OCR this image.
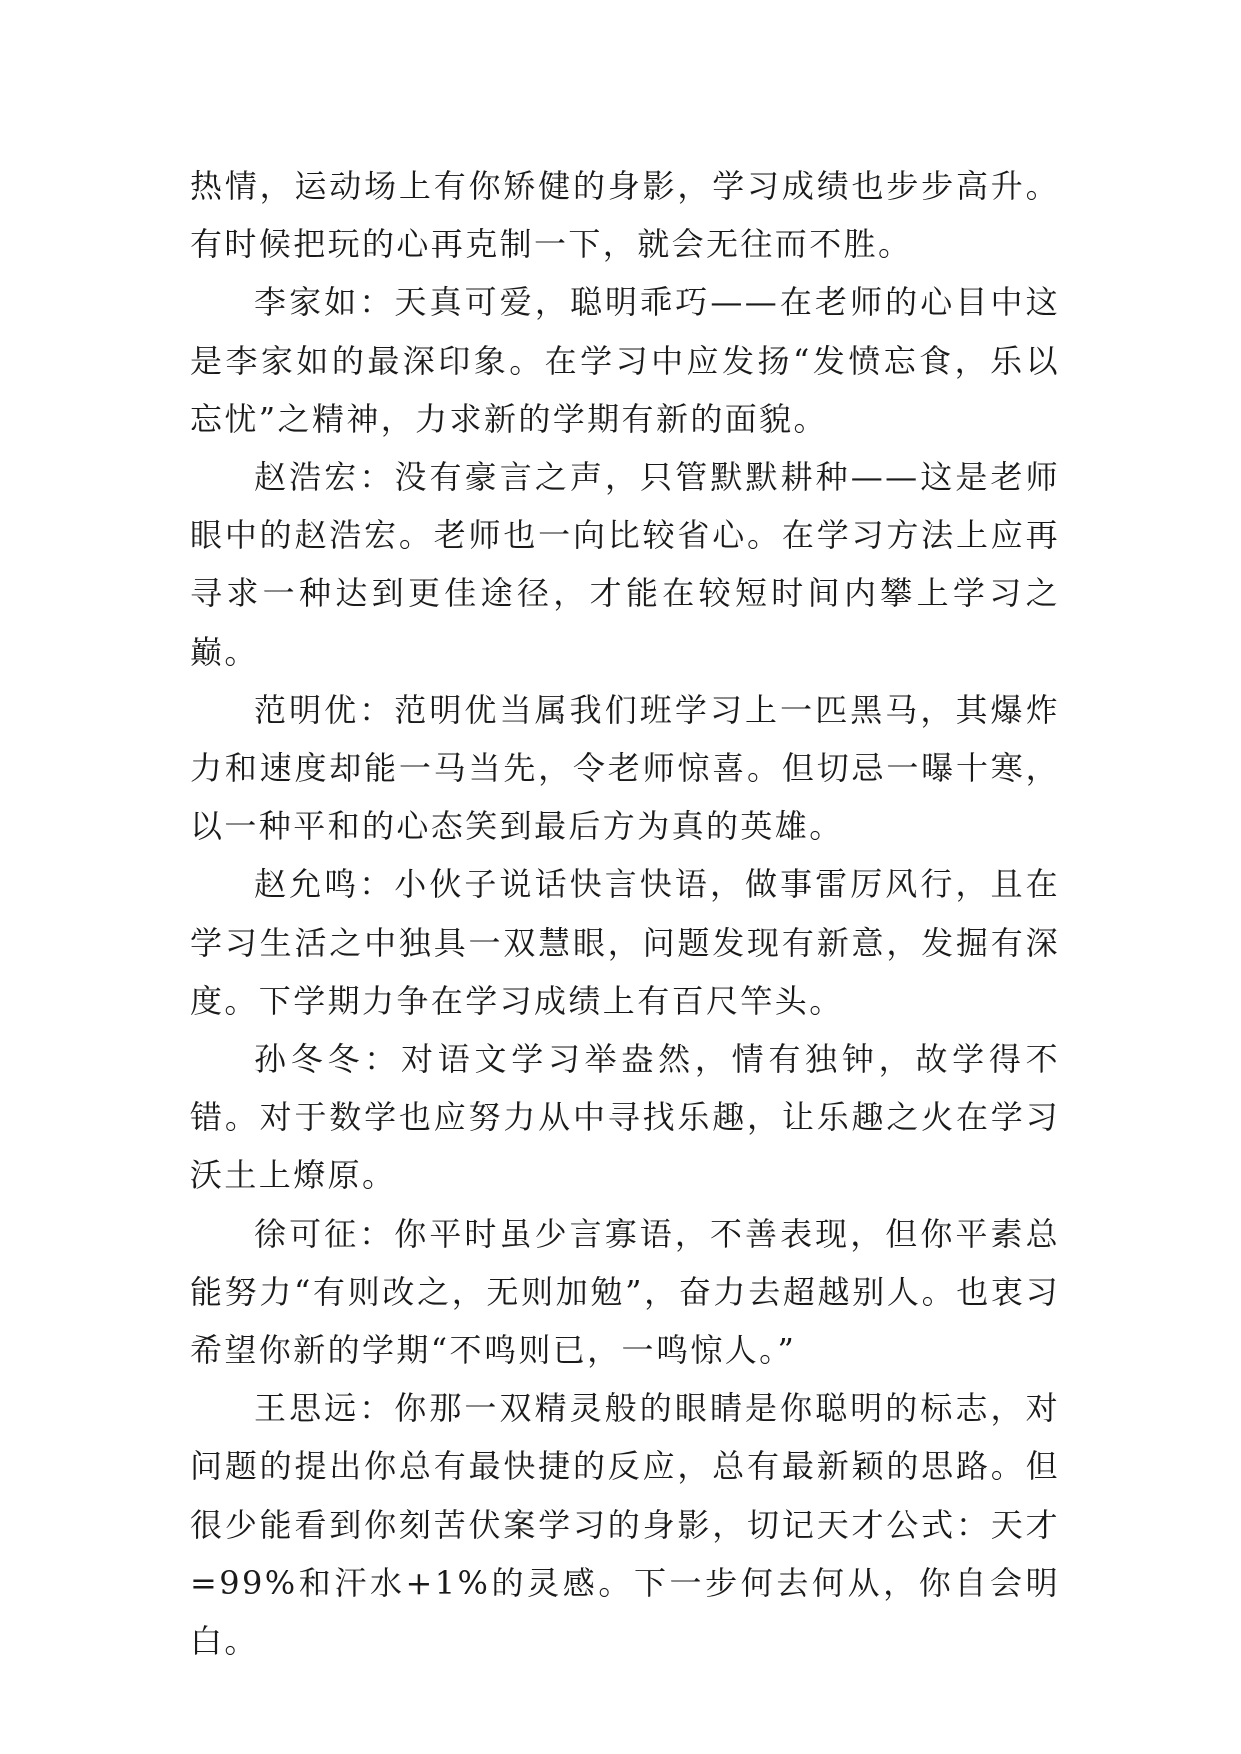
热情，运动场上有你矫健的身影，学习成绩也步步高升。有时候把玩的心再克制一下，就会无往而不胜。

李家如：天真可爱，聪明乖巧——在老师的心目中这是李家如的最深印象。在学习中应发扬“发愤忘食，乐以忘忧”之精神，力求新的学期有新的面貌。

赵浩宏：没有豪言之声，只管默默耕种——这是老师眼中的赵浩宏。老师也一向比较省心。在学习方法上应再寻求一种达到更佳途径，才能在较短时间内攀上学习之巅。

范明优：范明优当属我们班学习上一匹黑马，其爆炸力和速度却能一马当先，令老师惊喜。但切忌一曝十寒，以一种平和的心态笑到最后方为真的英雄。

赵允鸣：小伙子说话快言快语，做事雷厉风行，且在学习生活之中独具一双慧眼，问题发现有新意，发掘有深度。下学期力争在学习成绩上有百尺竿头。

孙冬冬：对语文学习举盎然，情有独钟，故学得不错。对于数学也应努力从中寻找乐趣，让乐趣之火在学习沃土上燎原。

徐可征：你平时虽少言寡语，不善表现，但你平素总能努力“有则改之，无则加勉”，奋力去超越别人。也衷习希望你新的学期“不鸣则已，一鸣惊人。”

王思远：你那一双精灵般的眼睛是你聪明的标志，对问题的提出你总有最快捷的反应，总有最新颖的思路。但很少能看到你刻苦伏案学习的身影，切记天才公式：天才=99%和汗水+1%的灵感。下一步何去何从，你自会明白。
